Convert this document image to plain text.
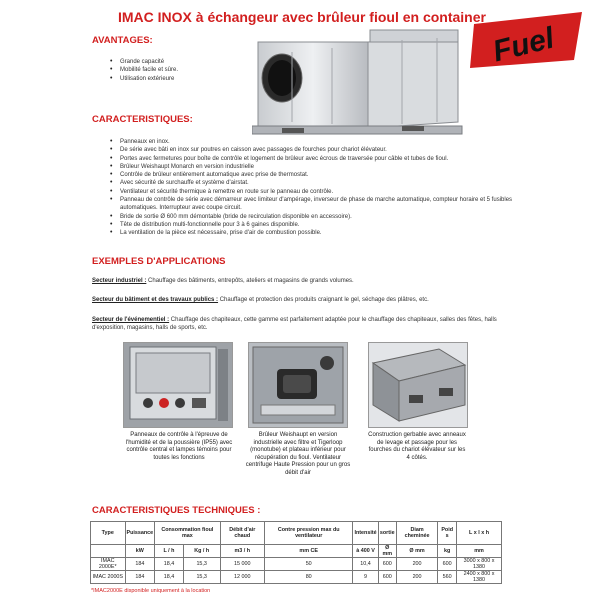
IMAC INOX à échangeur avec brûleur fioul en container
Fuel
AVANTAGES:
• Grande capacité
• Mobilité facile et sûre.
• Utilisation extérieure
CARACTERISTIQUES:
• Panneaux en inox.
• De série avec bâti en inox sur poutres en caisson avec passages de fourches pour chariot élévateur.
• Portes avec fermetures pour boîte de contrôle et logement de brûleur avec écrous de traversée pour câble et tubes de fioul.
• Brûleur Weishaupt Monarch en version industrielle
• Contrôle de brûleur entièrement automatique avec prise de thermostat.
• Avec sécurité de surchauffe et système d'airstat.
• Ventilateur et sécurité thermique à remettre en route sur le panneau de contrôle.
• Panneau de contrôle de série avec démarreur avec limiteur d'ampérage, inverseur de phase de marche automatique, compteur horaire et 5 fusibles automatiques. Interrupteur avec coupe circuit.
• Bride de sortie Ø 600 mm démontable (bride de recirculation disponible en accessoire).
• Tête de distribution multi-fonctionnelle pour 3 à 6 gaines disponible.
• La ventilation de la pièce est nécessaire, prise d'air de combustion possible.
EXEMPLES D'APPLICATIONS
Secteur industriel : Chauffage des bâtiments, entrepôts, ateliers et magasins de grands volumes.
Secteur du bâtiment et des travaux publics : Chauffage et protection des produits craignant le gel, séchage des plâtres, etc.
Secteur de l'événementiel : Chauffage des chapiteaux, cette gamme est parfaitement adaptée pour le chauffage des chapiteaux, salles des fêtes, halls d'exposition, magasins, halls de sports, etc.
Panneaux de contrôle à l'épreuve de l'humidité et de la poussière (IP55) avec contrôle central et lampes témoins pour toutes les fonctions
Brûleur Weishaupt en version industrielle avec filtre et Tigerloop (monotube) et plateau inférieur pour récupération du fioul. Ventilateur centrifuge Haute Pression pour un gros débit d'air
Construction gerbable avec anneaux de levage et passage pour les fourches du chariot élévateur sur les 4 côtés.
CARACTERISTIQUES TECHNIQUES :
Type	Puissance	Consommation fioul max		Débit d'air chaud	Contre pression max du ventilateur	Intensité	sortie	Diam cheminée	Poid s	L x l x h
	kW	L / h	Kg / h	m3 / h	mm CE	à 400 V	Ø mm	Ø mm	kg	mm
IMAC 2000E*	184	18,4	15,3	15 000	50	10,4	600	200	600	3000 x 800 x 1380
IMAC 2000S	184	18,4	15,3	12 000	80	9	600	200	560	2400 x 800 x 1380
*IMAC2000E disponible uniquement à la location
